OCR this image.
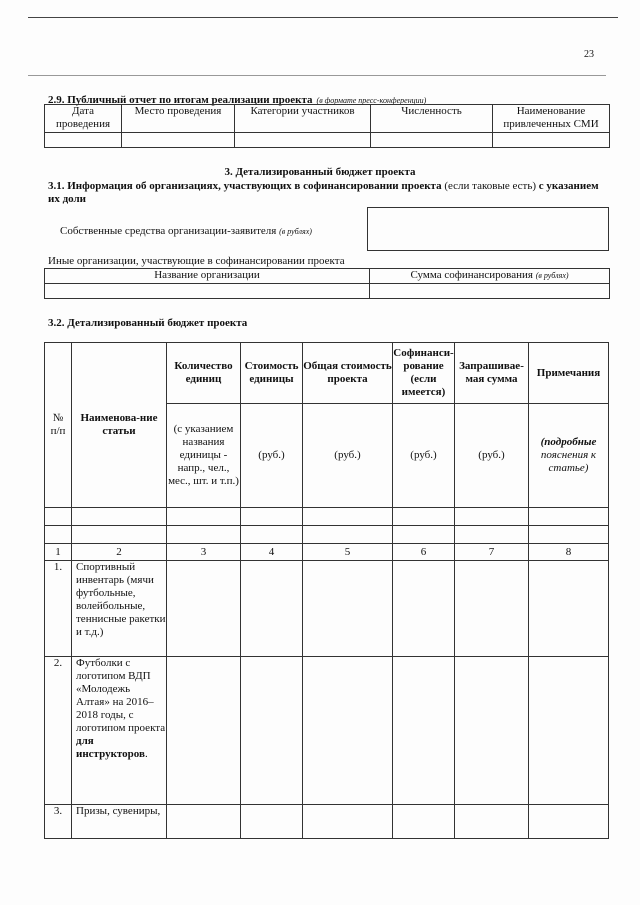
23
2.9. Публичный отчет по итогам реализации проекта (в формате пресс-конференции)
Дата проведения	Место проведения	Категории участников	Численность	Наименование привлеченных СМИ

3. Детализированный бюджет проекта
3.1. Информация об организациях, участвующих в софинансировании проекта (если таковые есть) с указанием их доли
Собственные средства организации-заявителя (в рублях)
Иные организации, участвующие в софинансировании проекта
Название организации	Сумма софинансирования (в рублях)

3.2. Детализированный бюджет проекта
№ п/п	Наименова-ние статьи	Количество единиц	Стоимость единицы	Общая стоимость проекта	Софинанси-рование (если имеется)	Запрашивае-мая сумма	Примечания
		(с указанием названия единицы - напр., чел., мес., шт. и т.п.)	(руб.)	(руб.)	(руб.)	(руб.)	(подробные
пояснения к статье)

1	2	3	4	5	6	7	8
1.	Спортивный инвентарь (мячи футбольные, волейбольные, теннисные ракетки и т.д.)						
2.	Футболки с логотипом ВДП «Молодежь Алтая» на 2016–2018 годы, с логотипом проекта для инструкторов.						
3.	Призы, сувениры,						
